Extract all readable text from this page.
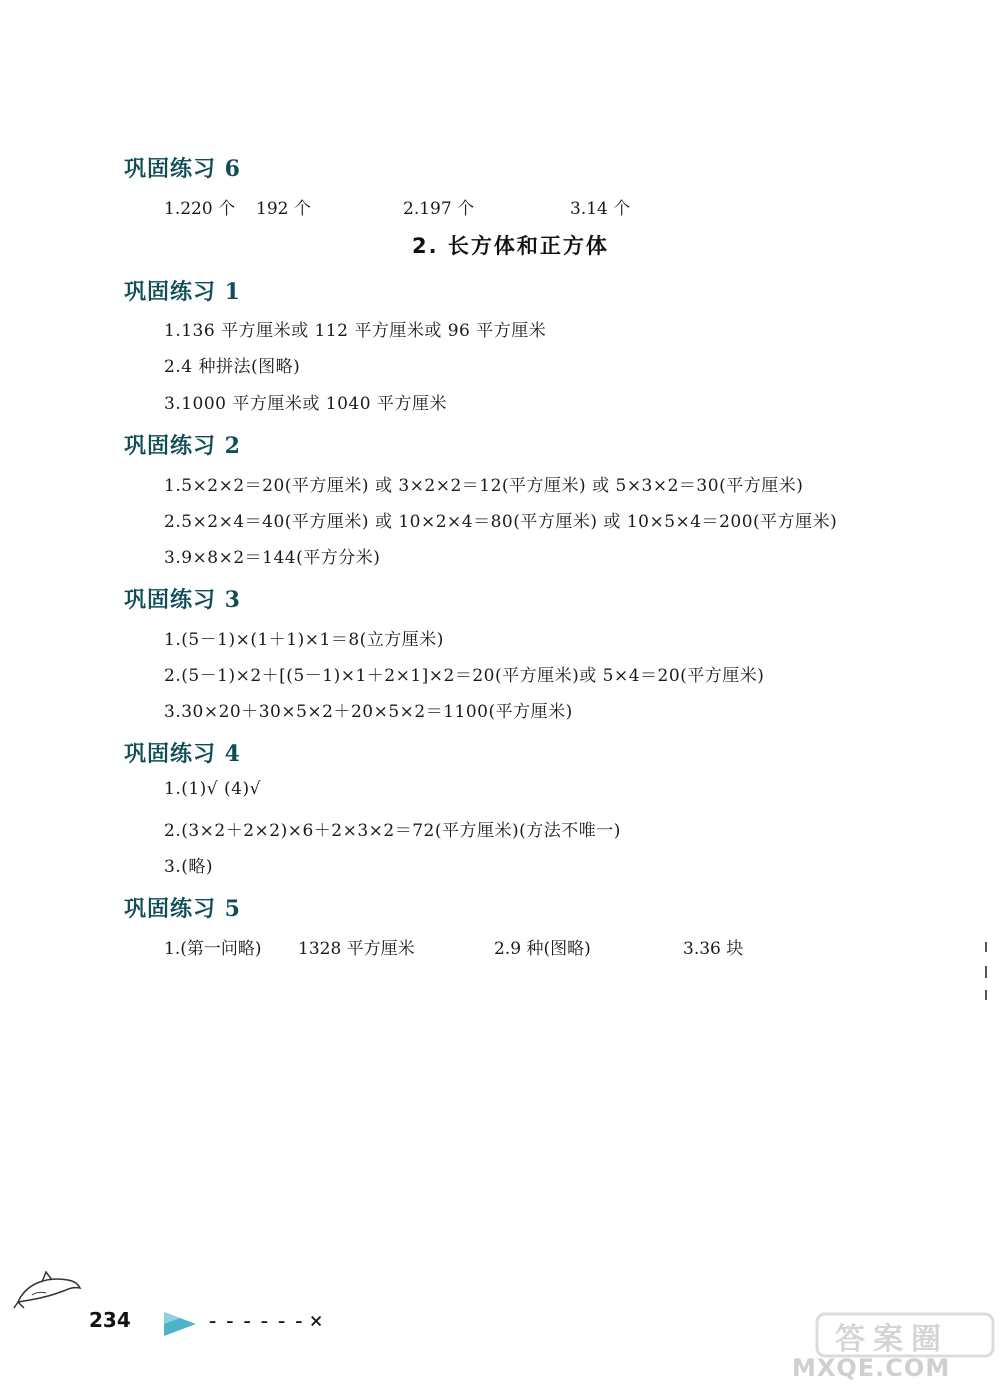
巩固练习 6
1.220 个 192 个	2.197 个	3.14 个
2. 长方体和正方体
巩固练习 1
1.136 平方厘米或 112 平方厘米或 96 平方厘米
2.4 种拼法(图略)
3.1000 平方厘米或 1040 平方厘米
巩固练习 2
1.5×2×2＝20(平方厘米) 或 3×2×2＝12(平方厘米) 或 5×3×2＝30(平方厘米)
2.5×2×4＝40(平方厘米) 或 10×2×4＝80(平方厘米) 或 10×5×4＝200(平方厘米)
3.9×8×2＝144(平方分米)
巩固练习 3
1.(5－1)×(1＋1)×1＝8(立方厘米)
2.(5－1)×2＋[(5－1)×1＋2×1]×2＝20(平方厘米)或 5×4＝20(平方厘米)
3.30×20＋30×5×2＋20×5×2＝1100(平方厘米)
巩固练习 4
1.(1)√ (4)√
2.(3×2＋2×2)×6＋2×3×2＝72(平方厘米)(方法不唯一)
3.(略)
巩固练习 5
1.(第一问略) 1328 平方厘米	2.9 种(图略)	3.36 块
234	------×
答案圈
MXQE.COM
